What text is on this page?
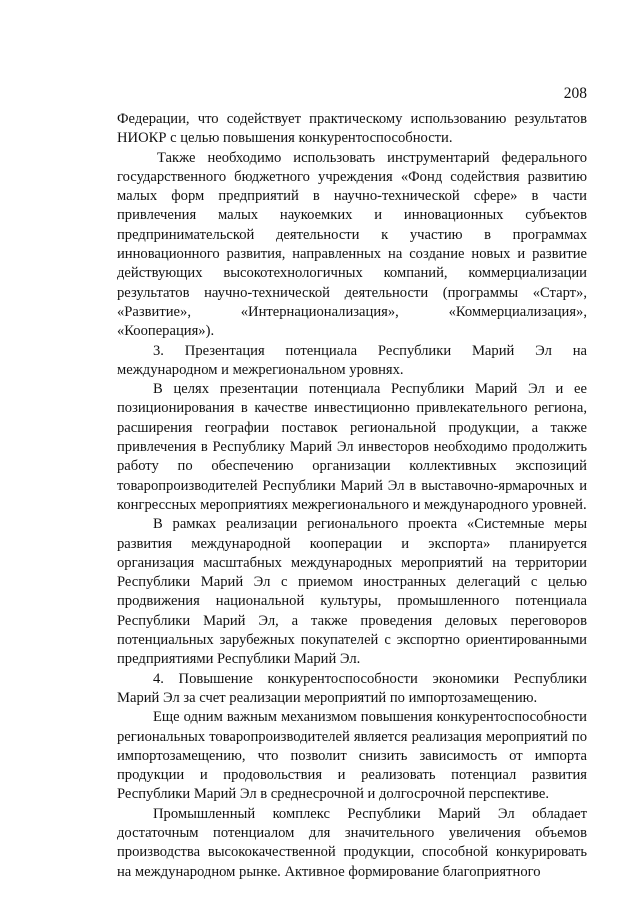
208

Федерации, что содействует практическому использованию результатов НИОКР с целью повышения конкурентоспособности.

Также необходимо использовать инструментарий федерального государственного бюджетного учреждения «Фонд содействия развитию малых форм предприятий в научно-технической сфере» в части привлечения малых наукоемких и инновационных субъектов предпринимательской деятельности к участию в программах инновационного развития, направленных на создание новых и развитие действующих высокотехнологичных компаний, коммерциализации результатов научно-технической деятельности (программы «Старт», «Развитие», «Интернационализация», «Коммерциализация», «Кооперация»).

3. Презентация потенциала Республики Марий Эл на международном и межрегиональном уровнях.

В целях презентации потенциала Республики Марий Эл и ее позиционирования в качестве инвестиционно привлекательного региона, расширения географии поставок региональной продукции, а также привлечения в Республику Марий Эл инвесторов необходимо продолжить работу по обеспечению организации коллективных экспозиций товаропроизводителей Республики Марий Эл в выставочно-ярмарочных и конгрессных мероприятиях межрегионального и международного уровней.

В рамках реализации регионального проекта «Системные меры развития международной кооперации и экспорта» планируется организация масштабных международных мероприятий на территории Республики Марий Эл с приемом иностранных делегаций с целью продвижения национальной культуры, промышленного потенциала Республики Марий Эл, а также проведения деловых переговоров потенциальных зарубежных покупателей с экспортно ориентированными предприятиями Республики Марий Эл.

4. Повышение конкурентоспособности экономики Республики Марий Эл за счет реализации мероприятий по импортозамещению.

Еще одним важным механизмом повышения конкурентоспособности региональных товаропроизводителей является реализация мероприятий по импортозамещению, что позволит снизить зависимость от импорта продукции и продовольствия и реализовать потенциал развития Республики Марий Эл в среднесрочной и долгосрочной перспективе.

Промышленный комплекс Республики Марий Эл обладает достаточным потенциалом для значительного увеличения объемов производства высококачественной продукции, способной конкурировать на международном рынке. Активное формирование благоприятного
